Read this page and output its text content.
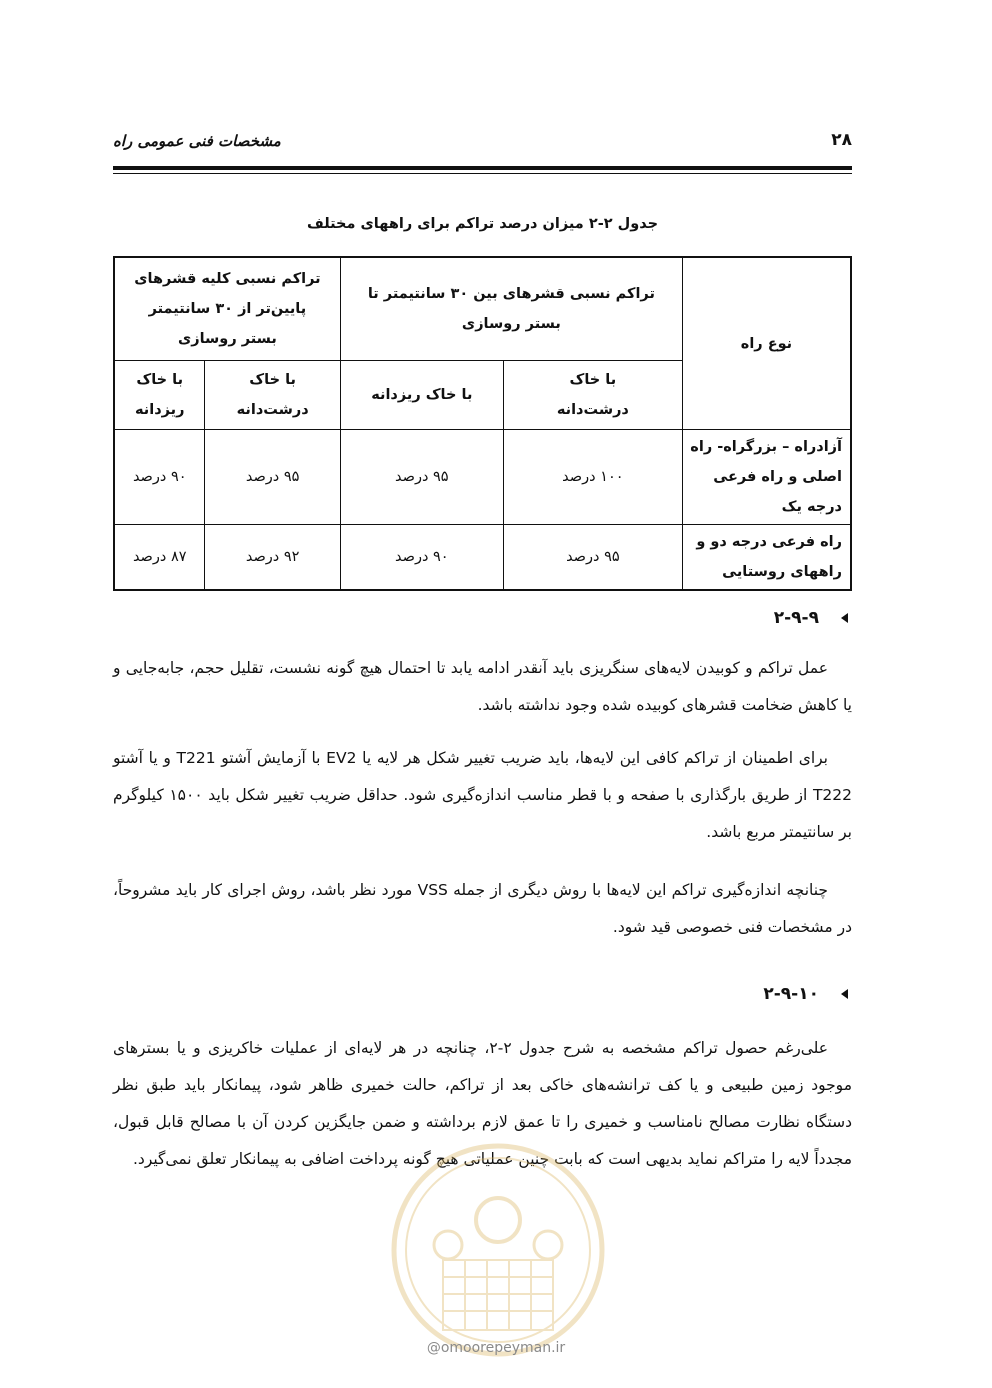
۲۸
مشخصات فنی عمومی راه
جدول ۲-۲ میزان درصد تراکم برای راههای مختلف
نوع راه	تراکم نسبی قشرهای بین ۳۰ سانتیمتر تا بستر روسازی		تراکم نسبی کلیه قشرهای پایین‌تر از ۳۰ سانتیمتر بستر روسازی	
	با خاک درشت‌دانه	با خاک ریزدانه	با خاک درشت‌دانه	با خاک ریزدانه
آزادراه – بزرگراه- راه اصلی و راه فرعی درجه یک	۱۰۰ درصد	۹۵ درصد	۹۵ درصد	۹۰ درصد
راه فرعی درجه دو و راههای روستایی	۹۵ درصد	۹۰ درصد	۹۲ درصد	۸۷ درصد
۲-۹-۹

عمل تراکم و کوبیدن لایه‌های سنگریزی باید آنقدر ادامه یابد تا احتمال هیچ گونه نشست، تقلیل حجم، جابه‌جایی و یا کاهش ضخامت قشرهای کوبیده شده وجود نداشته باشد.

برای اطمینان از تراکم کافی این لایه‌ها، باید ضریب تغییر شکل هر لایه یا EV2 با آزمایش آشتو T221 و یا آشتو T222 از طریق بارگذاری با صفحه و با قطر مناسب اندازه‌گیری شود. حداقل ضریب تغییر شکل باید ۱۵۰۰ کیلوگرم بر سانتیمتر مربع باشد.

چنانچه اندازه‌گیری تراکم این لایه‌ها با روش دیگری از جمله VSS مورد نظر باشد، روش اجرای کار باید مشروحاً، در مشخصات فنی خصوصی قید شود.

۲-۹-۱۰

علی‌رغم حصول تراکم مشخصه به شرح جدول ۲-۲، چنانچه در هر لایه‌ای از عملیات خاکریزی و یا بسترهای موجود زمین طبیعی و یا کف ترانشه‌های خاکی بعد از تراکم، حالت خمیری ظاهر شود، پیمانکار باید طبق نظر دستگاه نظارت مصالح نامناسب و خمیری را تا عمق لازم برداشته و ضمن جایگزین کردن آن با مصالح قابل قبول، مجدداً لایه را متراکم نماید بدیهی است که بابت چنین عملیاتی هیچ گونه پرداخت اضافی به پیمانکار تعلق نمی‌گیرد.

@omoorepeyman.ir
